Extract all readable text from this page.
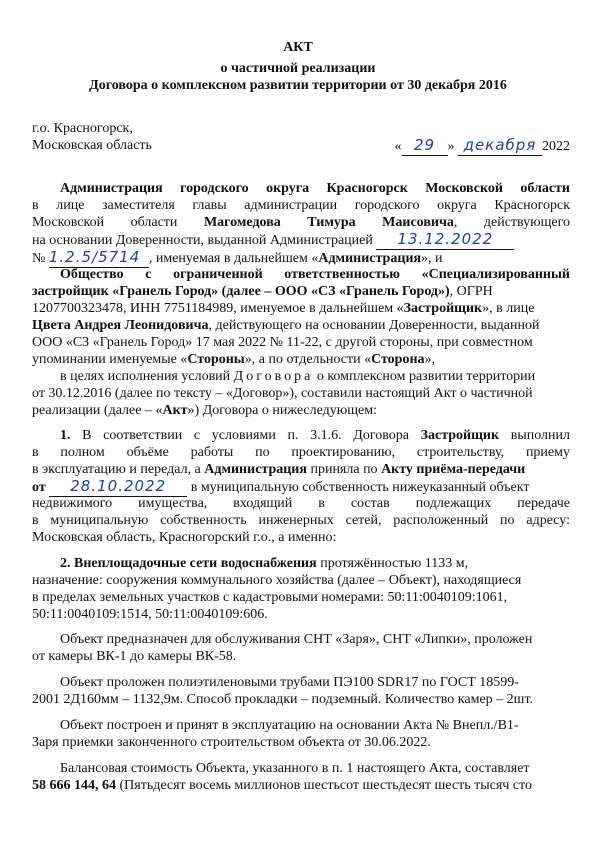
АКТ

о частичной реализации

Договора о комплексном развитии территории от 30 декабря 2016

г.о. Красногорск,

Московская область	« 29 » декабря 2022

Администрация городского округа Красногорск Московской области

в лице заместителя главы администрации городского округа Красногорск

Московской области Магомедова Тимура Маисовича, действующего

на основании Доверенности, выданной Администрацией 13.12.2022

№ 1.2.5/5714 , именуемая в дальнейшем «Администрация», и

Общество с ограниченной ответственностью «Специализированный

застройщик «Гранель Город» (далее – ООО «СЗ «Гранель Город»), ОГРН

1207700323478, ИНН 7751184989, именуемое в дальнейшем «Застройщик», в лице

Цвета Андрея Леонидовича, действующего на основании Доверенности, выданной

ООО «СЗ «Гранель Город» 17 мая 2022 № 11-22, с другой стороны, при совместном

упоминании именуемые «Стороны», а по отдельности «Сторона»,

в целях исполнения условий Договора о комплексном развитии территории

от 30.12.2016 (далее по тексту – «Договор»), составили настоящий Акт о частичной

реализации (далее – «Акт») Договора о нижеследующем:

1. В соответствии с условиями п. 3.1.6. Договора Застройщик выполнил

в полном объёме работы по проектированию, строительству, приему

в эксплуатацию и передал, а Администрация приняла по Акту приёма-передачи

от 28.10.2022 в муниципальную собственность нижеуказанный объект

недвижимого имущества, входящий в состав подлежащих передаче

в муниципальную собственность инженерных сетей, расположенный по адресу:

Московская область, Красногорский г.о., а именно:

2. Внеплощадочные сети водоснабжения протяжённостью 1133 м,

назначение: сооружения коммунального хозяйства (далее – Объект), находящиеся

в пределах земельных участков с кадастровыми номерами: 50:11:0040109:1061,

50:11:0040109:1514, 50:11:0040109:606.

Объект предназначен для обслуживания СНТ «Заря», СНТ «Липки», проложен

от камеры ВК-1 до камеры ВК-58.

Объект проложен полиэтиленовыми трубами ПЭ100 SDR17 по ГОСТ 18599-

2001 2Д160мм – 1132,9м. Способ прокладки – подземный. Количество камер – 2шт.

Объект построен и принят в эксплуатацию на основании Акта № Внепл./В1-

Заря приемки законченного строительством объекта от 30.06.2022.

Балансовая стоимость Объекта, указанного в п. 1 настоящего Акта, составляет

58 666 144, 64 (Пятьдесят восемь миллионов шестьсот шестьдесят шесть тысяч сто
